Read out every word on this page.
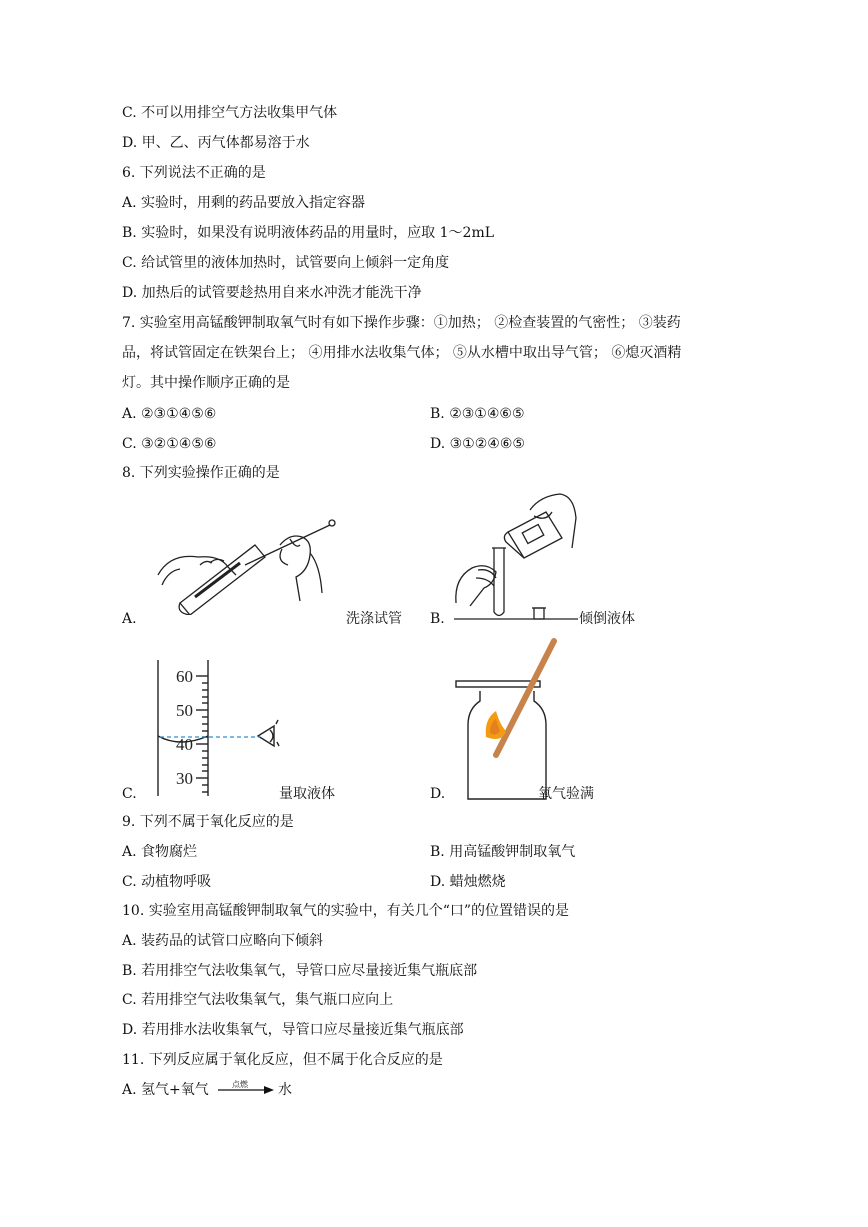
C. 不可以用排空气方法收集甲气体
D. 甲、乙、丙气体都易溶于水
6. 下列说法不正确的是
A. 实验时，用剩的药品要放入指定容器
B. 实验时，如果没有说明液体药品的用量时，应取 1～2mL
C. 给试管里的液体加热时，试管要向上倾斜一定角度
D. 加热后的试管要趁热用自来水冲洗才能洗干净
7. 实验室用高锰酸钾制取氧气时有如下操作步骤：①加热； ②检查装置的气密性； ③装药
品，将试管固定在铁架台上； ④用排水法收集气体； ⑤从水槽中取出导气管； ⑥熄灭酒精
灯。其中操作顺序正确的是
A. ②③①④⑤⑥	B. ②③①④⑥⑤
C. ③②①④⑤⑥	D. ③①②④⑥⑤
8. 下列实验操作正确的是
A.	洗涤试管 B.	倾倒液体
60
50
40
30
C.	量取液体	D.	氧气验满
9. 下列不属于氧化反应的是
A. 食物腐烂	B. 用高锰酸钾制取氧气
C. 动植物呼吸	D. 蜡烛燃烧
10. 实验室用高锰酸钾制取氧气的实验中，有关几个“口”的位置错误的是
A. 装药品的试管口应略向下倾斜
B. 若用排空气法收集氧气，导管口应尽量接近集气瓶底部
C. 若用排空气法收集氧气，集气瓶口应向上
D. 若用排水法收集氧气，导管口应尽量接近集气瓶底部
11. 下列反应属于氧化反应，但不属于化合反应的是
A. 氢气+氧气	点燃 水
